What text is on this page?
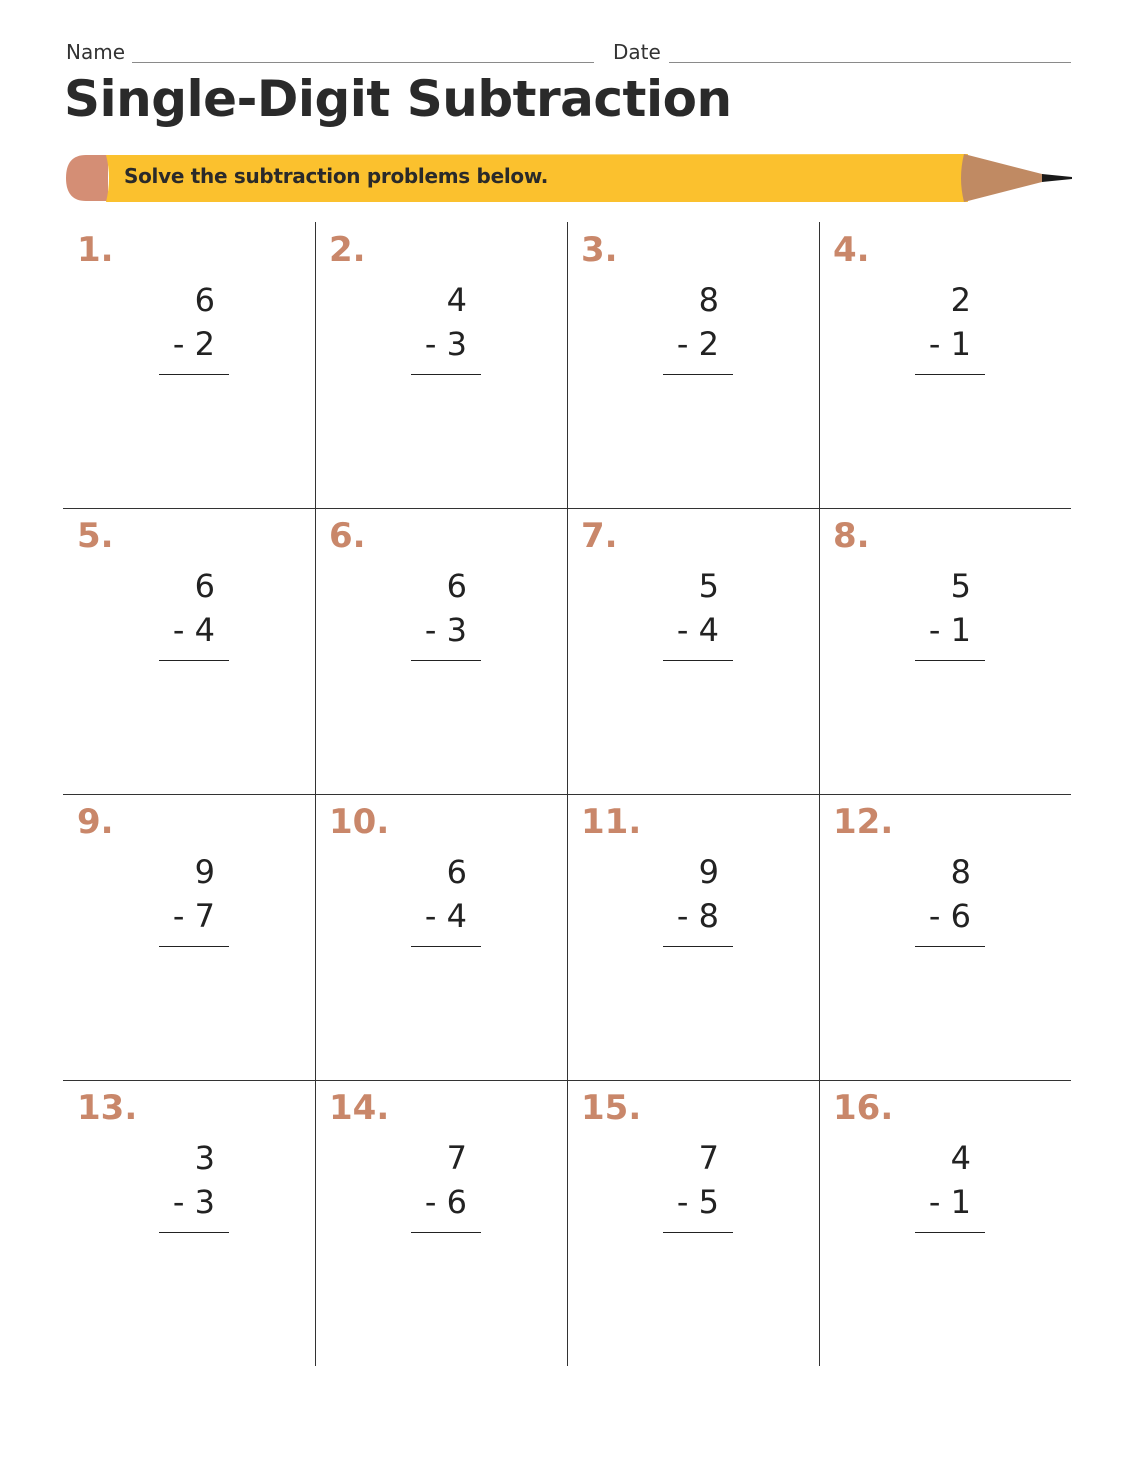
Name	Date
Single-Digit Subtraction
Solve the subtraction problems below.
1.
6
- 2
2.
4
- 3
3.
8
- 2
4.
2
- 1
5.
6
- 4
6.
6
- 3
7.
5
- 4
8.
5
- 1
9.
9
- 7
10.
6
- 4
11.
9
- 8
12.
8
- 6
13.
3
- 3
14.
7
- 6
15.
7
- 5
16.
4
- 1
